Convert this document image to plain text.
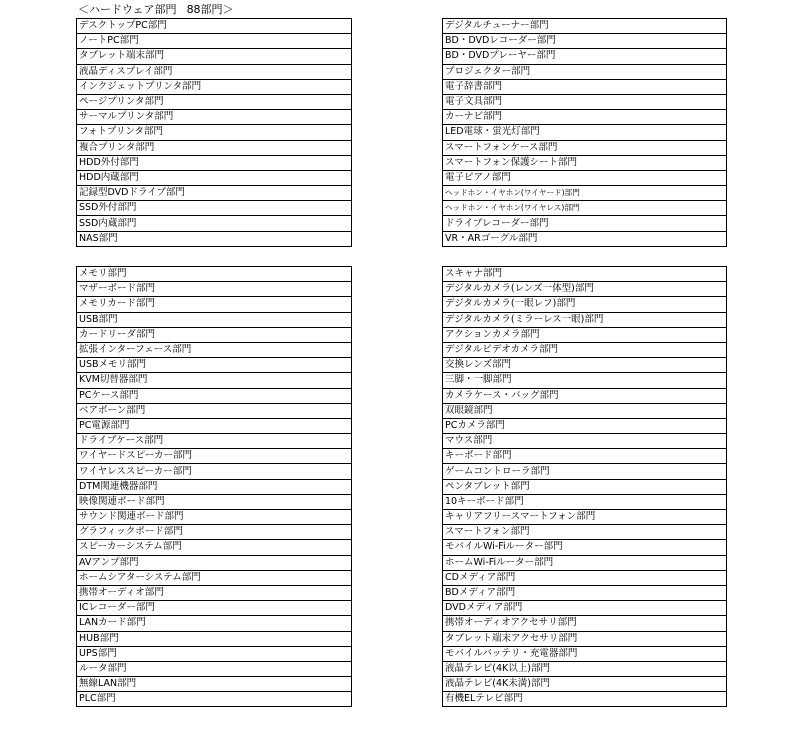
＜ハードウェア部門 88部門＞
デスクトップPC部門
ノートPC部門
タブレット端末部門
液晶ディスプレイ部門
インクジェットプリンタ部門
ページプリンタ部門
サーマルプリンタ部門
フォトプリンタ部門
複合プリンタ部門
HDD外付部門
HDD内蔵部門
記録型DVDドライブ部門
SSD外付部門
SSD内蔵部門
NAS部門
デジタルチューナー部門
BD・DVDレコーダー部門
BD・DVDプレーヤー部門
プロジェクター部門
電子辞書部門
電子文具部門
カーナビ部門
LED電球・蛍光灯部門
スマートフォンケース部門
スマートフォン保護シート部門
電子ピアノ部門
ヘッドホン・イヤホン(ワイヤード)部門
ヘッドホン・イヤホン(ワイヤレス)部門
ドライブレコーダー部門
VR・ARゴーグル部門
メモリ部門
マザーボード部門
メモリカード部門
USB部門
カードリーダ部門
拡張インターフェース部門
USBメモリ部門
KVM切替器部門
PCケース部門
ベアボーン部門
PC電源部門
ドライブケース部門
ワイヤードスピーカー部門
ワイヤレススピーカー部門
DTM関連機器部門
映像関連ボード部門
サウンド関連ボード部門
グラフィックボード部門
スピーカーシステム部門
AVアンプ部門
ホームシアターシステム部門
携帯オーディオ部門
ICレコーダー部門
LANカード部門
HUB部門
UPS部門
ルータ部門
無線LAN部門
PLC部門
スキャナ部門
デジタルカメラ(レンズ一体型)部門
デジタルカメラ(一眼レフ)部門
デジタルカメラ(ミラーレス一眼)部門
アクションカメラ部門
デジタルビデオカメラ部門
交換レンズ部門
三脚・一脚部門
カメラケース・バッグ部門
双眼鏡部門
PCカメラ部門
マウス部門
キーボード部門
ゲームコントローラ部門
ペンタブレット部門
10キーボード部門
キャリアフリースマートフォン部門
スマートフォン部門
モバイルWi-Fiルーター部門
ホームWi-Fiルーター部門
CDメディア部門
BDメディア部門
DVDメディア部門
携帯オーディオアクセサリ部門
タブレット端末アクセサリ部門
モバイルバッテリ・充電器部門
液晶テレビ(4K以上)部門
液晶テレビ(4K未満)部門
有機ELテレビ部門
